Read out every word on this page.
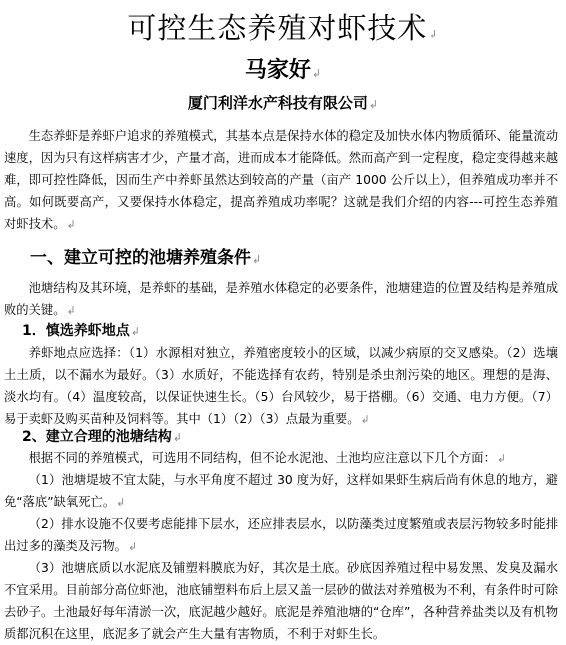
可控生态养殖对虾技术↲
马家好↲
厦门利洋水产科技有限公司↲

生态养虾是养虾户追求的养殖模式，其基本点是保持水体的稳定及加快水体内物质循环、能量流动速度，因为只有这样病害才少，产量才高，进而成本才能降低。然而高产到一定程度，稳定变得越来越难，即可控性降低，因而生产中养虾虽然达到较高的产量（亩产 1000 公斤以上），但养殖成功率并不高。如何既要高产，又要保持水体稳定，提高养殖成功率呢？这就是我们介绍的内容---可控生态养殖对虾技术。↲

一、建立可控的池塘养殖条件↲

池塘结构及其环境，是养虾的基础，是养殖水体稳定的必要条件，池塘建造的位置及结构是养殖成败的关键。↲

1．慎选养虾地点↲

养虾地点应选择：（1）水源相对独立，养殖密度较小的区域，以减少病原的交叉感染。（2）选壤土土质，以不漏水为最好。（3）水质好，不能选择有农药，特别是杀虫剂污染的地区。理想的是海、淡水均有。（4）温度较高，以保证快速生长。（5）台风较少，易于搭棚。（6）交通、电力方便。（7）易于卖虾及购买苗种及饲料等。其中（1）（2）（3）点最为重要。↲

2、建立合理的池塘结构↲

根据不同的养殖模式，可选用不同结构，但不论水泥池、土池均应注意以下几个方面：↲

（1）池塘堤坡不宜太陡，与水平角度不超过 30 度为好，这样如果虾生病后尚有休息的地方，避免“落底”缺氧死亡。↲

（2）排水设施不仅要考虑能排下层水，还应排表层水，以防藻类过度繁殖或表层污物较多时能排出过多的藻类及污物。↲

（3）池塘底质以水泥底及铺塑料膜底为好，其次是土底。砂底因养殖过程中易发黑、发臭及漏水不宜采用。目前部分高位虾池，池底铺塑料布后上层又盖一层砂的做法对养殖极为不利，有条件时可除去砂子。土池最好每年清淤一次，底泥越少越好。底泥是养殖池塘的“仓库”，各种营养盐类以及有机物质都沉积在这里，底泥多了就会产生大量有害物质，不利于对虾生长。
